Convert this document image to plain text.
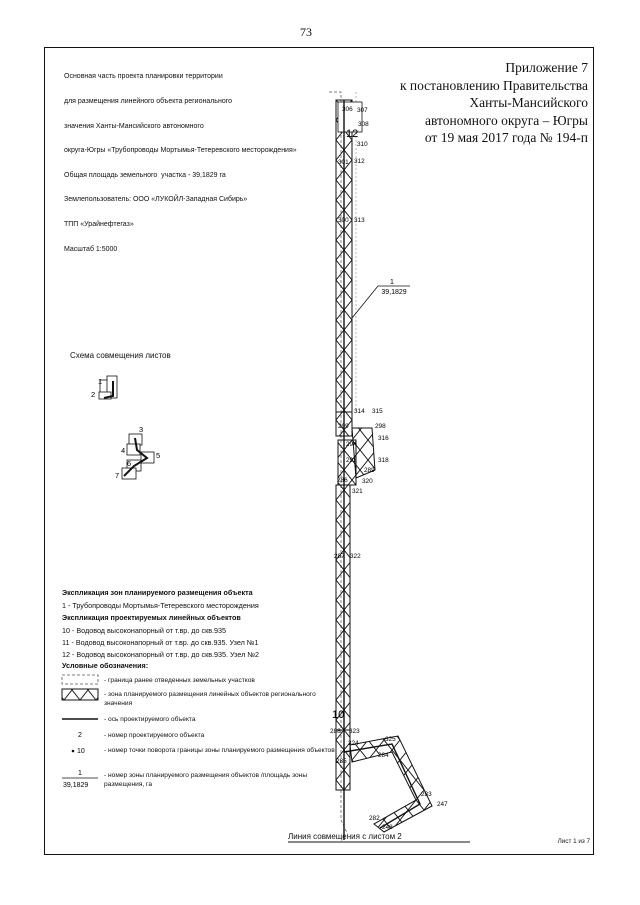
73

Основная часть проекта планировки территории

для размещения линейного объекта регионального

значения Ханты-Мансийского автономного

округа-Югры «Трубопроводы Мортымья-Тетеревского месторождения»

Общая площадь земельного  участка - 39,1829 га

Землепользователь: ООО «ЛУКОЙЛ-Западная Сибирь»

ТПП «Урайнефтегаз»

Масштаб 1:5000

Приложение 7
к постановлению Правительства
Ханты-Мансийского
автономного округа – Югры
от 19 мая 2017 года № 194-п
1
39,1829
12
10
306 307
308
310
301 312
300 313
314 315
299	298
316
294
293	318
289
286 320
321
287 322
288 323
325
324
284
285
283
247
282
248
1
2
3
4
5
6
7
2
10
1
39,1829
Схема совмещения листов
Экспликация зон планируемого размещения объекта
1 - Трубопроводы Мортымья-Тетеревского месторождения
Экспликация проектируемых линейных объектов
10 - Водовод высоконапорный от т.вр. до скв.935
11 - Водовод высоконапорный от т.вр. до скв.935. Узел №1
12 - Водовод высоконапорный от т.вр. до скв.935. Узел №2
Условные обозначения:
- граница ранее отведенных земельных участков
- зона планируемого размещения линейных объектов регионального значения
- ось проектируемого объекта
- номер проектируемого объекта
- номер точки поворота границы зоны планируемого размещения объектов
- номер зоны планируемого размещения объектов /площадь зоны размещения, га
Линия совмещения с листом 2
Лист 1 из 7
